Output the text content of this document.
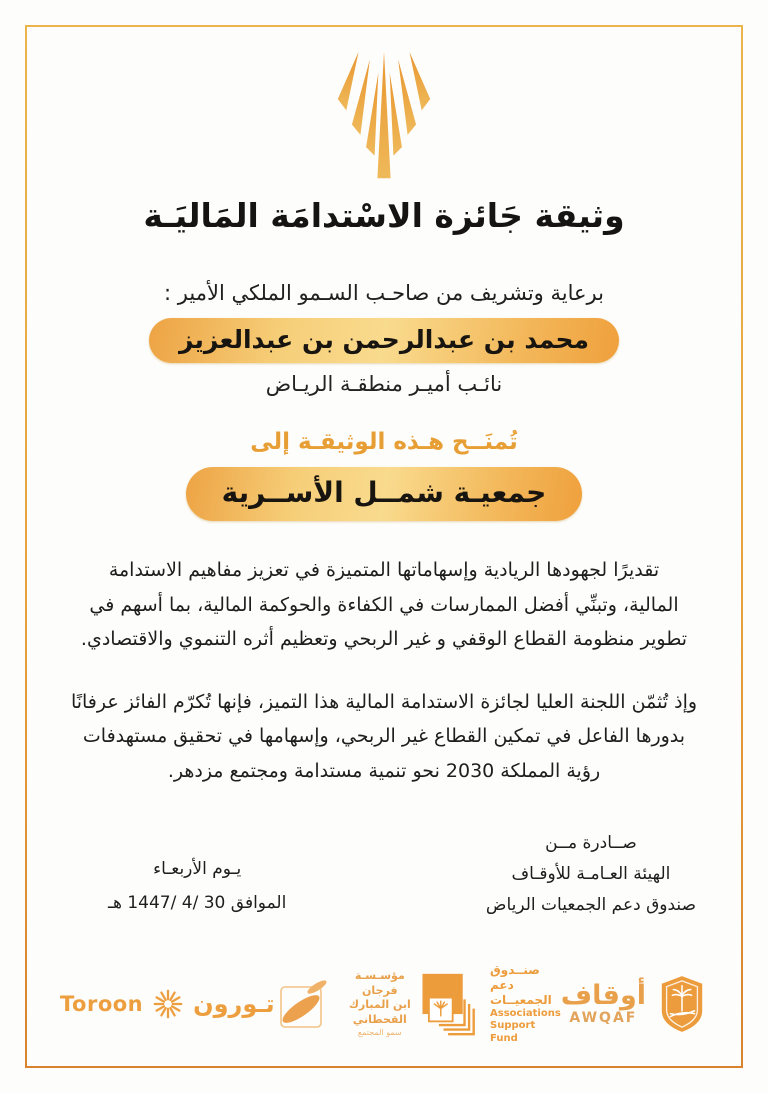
وثيقة جَائزة الاسْتدامَة المَاليَـة
برعاية وتشريف من صاحـب السـمو الملكي الأمير :
محمد بن عبدالرحمن بن عبدالعزيز
نائـب أميـر منطقـة الريـاض
تُمنَــح هـذه الوثيقـة إلى
جمعيـة شمــل الأســرية
تقديرًا لجهودها الريادية وإسهاماتها المتميزة في تعزيز مفاهيم الاستدامة المالية، وتبنِّي أفضل الممارسات في الكفاءة والحوكمة المالية، بما أسهم في تطوير منظومة القطاع الوقفي و غير الربحي وتعظيم أثره التنموي والاقتصادي.
وإذ تُثمّن اللجنة العليا لجائزة الاستدامة المالية هذا التميز، فإنها تُكرّم الفائز عرفانًا بدورها الفاعل في تمكين القطاع غير الربحي، وإسهامها في تحقيق مستهدفات رؤية المملكة 2030 نحو تنمية مستدامة ومجتمع مزدهر.
يـوم الأربعـاء
الموافق 30 /4 /1447 هـ
صــادرة مــن
الهيئة العـامـة للأوقـاف
صندوق دعم الجمعيات الرياض
Toroon تـورون
مؤسـسـة فرجان
ابن المبارك القحطاني
سمو المجتمع
صنــدوق دعم
الجمعيــات
Associations
Support Fund
أوقاف
AWQAF
